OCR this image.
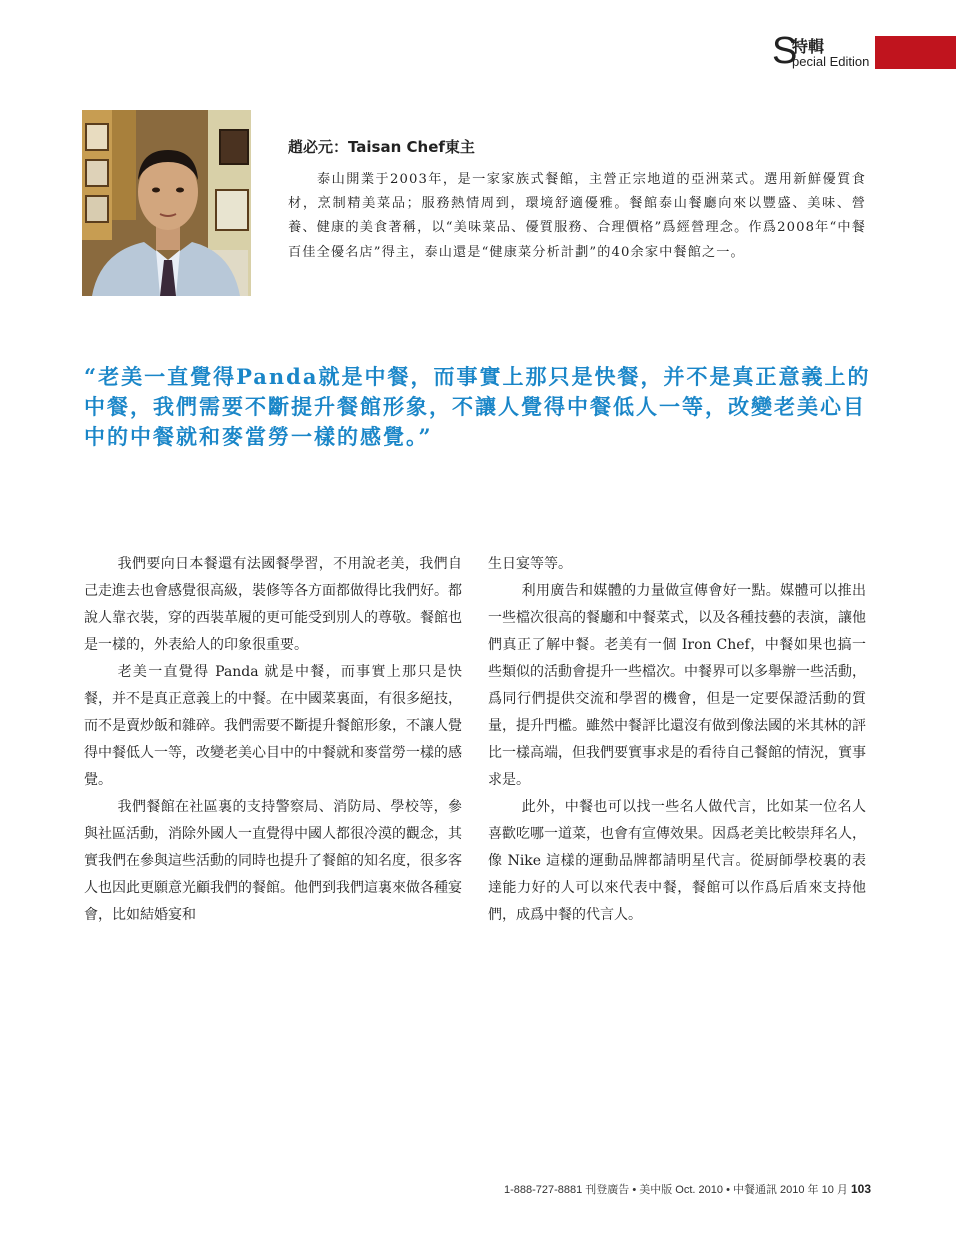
S
特輯
pecial Edition
趙必元：Taisan Chef東主

泰山開業于2003年，是一家家族式餐館，主營正宗地道的亞洲菜式。選用新鮮優質食材，烹制精美菜品；服務熱情周到，環境舒適優雅。餐館泰山餐廳向來以豐盛、美味、營養、健康的美食著稱，以“美味菜品、優質服務、合理價格”爲經營理念。作爲2008年“中餐百佳全優名店”得主，泰山還是“健康菜分析計劃”的40余家中餐館之一。

“老美一直覺得Panda就是中餐，而事實上那只是快餐，并不是真正意義上的中餐，我們需要不斷提升餐館形象，不讓人覺得中餐低人一等，改變老美心目中的中餐就和麥當勞一樣的感覺。”

我們要向日本餐還有法國餐學習，不用說老美，我們自己走進去也會感覺很高級，裝修等各方面都做得比我們好。都說人靠衣裝，穿的西裝革履的更可能受到別人的尊敬。餐館也是一樣的，外表給人的印象很重要。

老美一直覺得 Panda 就是中餐，而事實上那只是快餐，并不是真正意義上的中餐。在中國菜裏面，有很多絕技，而不是賣炒飯和雜碎。我們需要不斷提升餐館形象，不讓人覺得中餐低人一等，改變老美心目中的中餐就和麥當勞一樣的感覺。

我們餐館在社區裏的支持警察局、消防局、學校等，參與社區活動，消除外國人一直覺得中國人都很冷漠的觀念，其實我們在參與這些活動的同時也提升了餐館的知名度，很多客人也因此更願意光顧我們的餐館。他們到我們這裏來做各種宴會，比如結婚宴和

生日宴等等。

利用廣告和媒體的力量做宣傳會好一點。媒體可以推出一些檔次很高的餐廳和中餐菜式，以及各種技藝的表演，讓他們真正了解中餐。老美有一個 Iron Chef，中餐如果也搞一些類似的活動會提升一些檔次。中餐界可以多舉辦一些活動，爲同行們提供交流和學習的機會，但是一定要保證活動的質量，提升門檻。雖然中餐評比還沒有做到像法國的米其林的評比一樣高端，但我們要實事求是的看待自己餐館的情況，實事求是。

此外，中餐也可以找一些名人做代言，比如某一位名人喜歡吃哪一道菜，也會有宣傳效果。因爲老美比較崇拜名人，像 Nike 這樣的運動品牌都請明星代言。從厨師學校裏的表達能力好的人可以來代表中餐，餐館可以作爲后盾來支持他們，成爲中餐的代言人。

1-888-727-8881 刊登廣告 • 美中版 Oct. 2010 • 中餐通訊 2010 年 10 月 103
